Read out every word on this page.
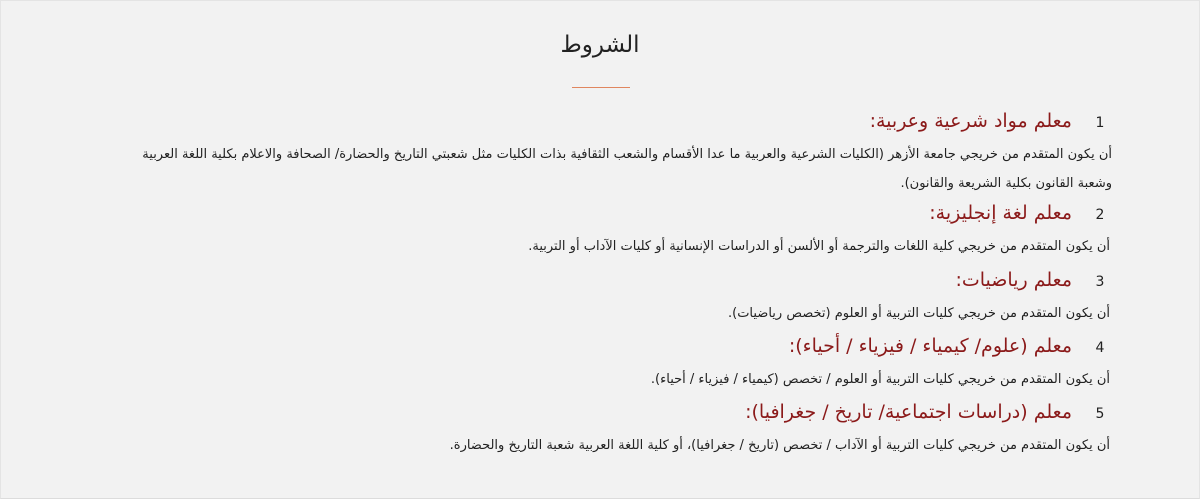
الشروط
1
معلم مواد شرعية وعربية:
أن يكون المتقدم من خريجي جامعة الأزهر (الكليات الشرعية والعربية ما عدا الأقسام والشعب الثقافية بذات الكليات مثل شعبتي التاريخ والحضارة/ الصحافة والاعلام بكلية اللغة العربية وشعبة القانون بكلية الشريعة والقانون).
2
معلم لغة إنجليزية:
أن يكون المتقدم من خريجي كلية اللغات والترجمة أو الألسن أو الدراسات الإنسانية أو كليات الآداب أو التربية.
3
معلم رياضيات:
أن يكون المتقدم من خريجي كليات التربية أو العلوم (تخصص رياضيات).
4
معلم (علوم/ كيمياء / فيزياء / أحياء):
أن يكون المتقدم من خريجي كليات التربية أو العلوم / تخصص (كيمياء / فيزياء / أحياء).
5
معلم (دراسات اجتماعية/ تاريخ / جغرافيا):
أن يكون المتقدم من خريجي كليات التربية أو الآداب / تخصص (تاريخ / جغرافيا)، أو كلية اللغة العربية شعبة التاريخ والحضارة.
